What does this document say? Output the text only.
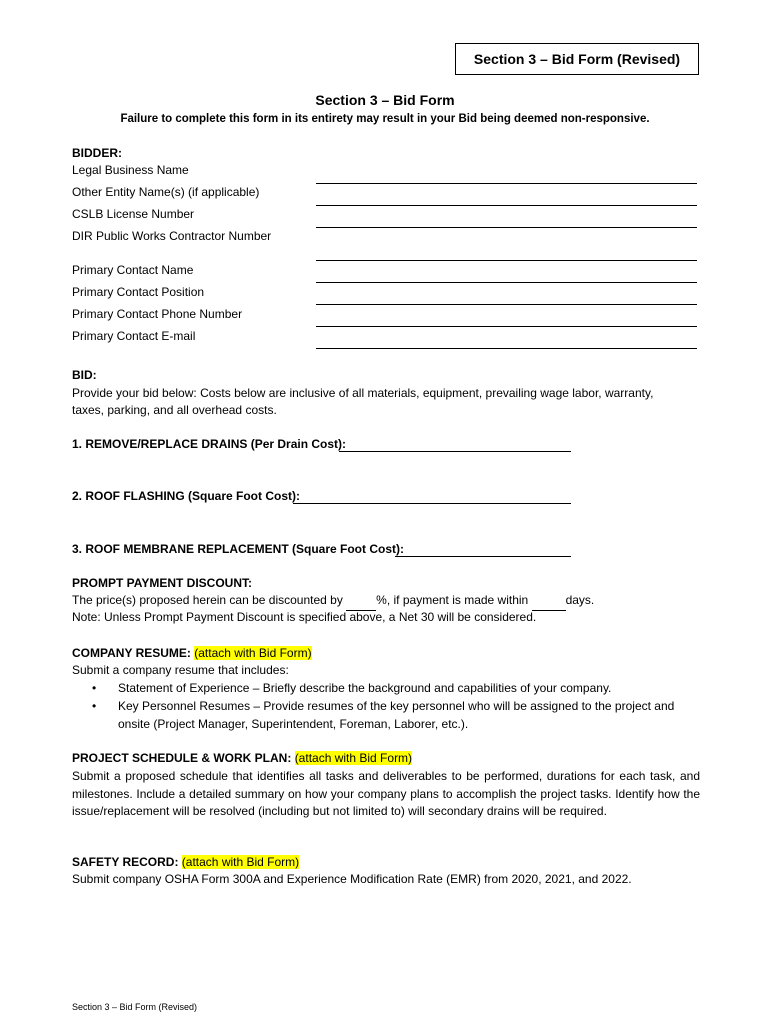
Section 3 – Bid Form (Revised)
Section 3 – Bid Form
Failure to complete this form in its entirety may result in your Bid being deemed non-responsive.
BIDDER:
Legal Business Name
Other Entity Name(s) (if applicable)
CSLB License Number
DIR Public Works Contractor Number
Primary Contact Name
Primary Contact Position
Primary Contact Phone Number
Primary Contact E-mail
BID:
Provide your bid below: Costs below are inclusive of all materials, equipment, prevailing wage labor, warranty,
taxes, parking, and all overhead costs.
1. REMOVE/REPLACE DRAINS (Per Drain Cost):
2. ROOF FLASHING (Square Foot Cost):
3. ROOF MEMBRANE REPLACEMENT (Square Foot Cost):
PROMPT PAYMENT DISCOUNT:
The price(s) proposed herein can be discounted by	%, if payment is made within	days.
Note: Unless Prompt Payment Discount is specified above, a Net 30 will be considered.
COMPANY RESUME: (attach with Bid Form)
Submit a company resume that includes:
• Statement of Experience – Briefly describe the background and capabilities of your company.
• Key Personnel Resumes – Provide resumes of the key personnel who will be assigned to the project and onsite (Project Manager, Superintendent, Foreman, Laborer, etc.).
PROJECT SCHEDULE & WORK PLAN: (attach with Bid Form)
Submit a proposed schedule that identifies all tasks and deliverables to be performed, durations for each task, and milestones. Include a detailed summary on how your company plans to accomplish the project tasks. Identify how the issue/replacement will be resolved (including but not limited to) will secondary drains will be required.
SAFETY RECORD: (attach with Bid Form)
Submit company OSHA Form 300A and Experience Modification Rate (EMR) from 2020, 2021, and 2022.
Section 3 – Bid Form (Revised)
